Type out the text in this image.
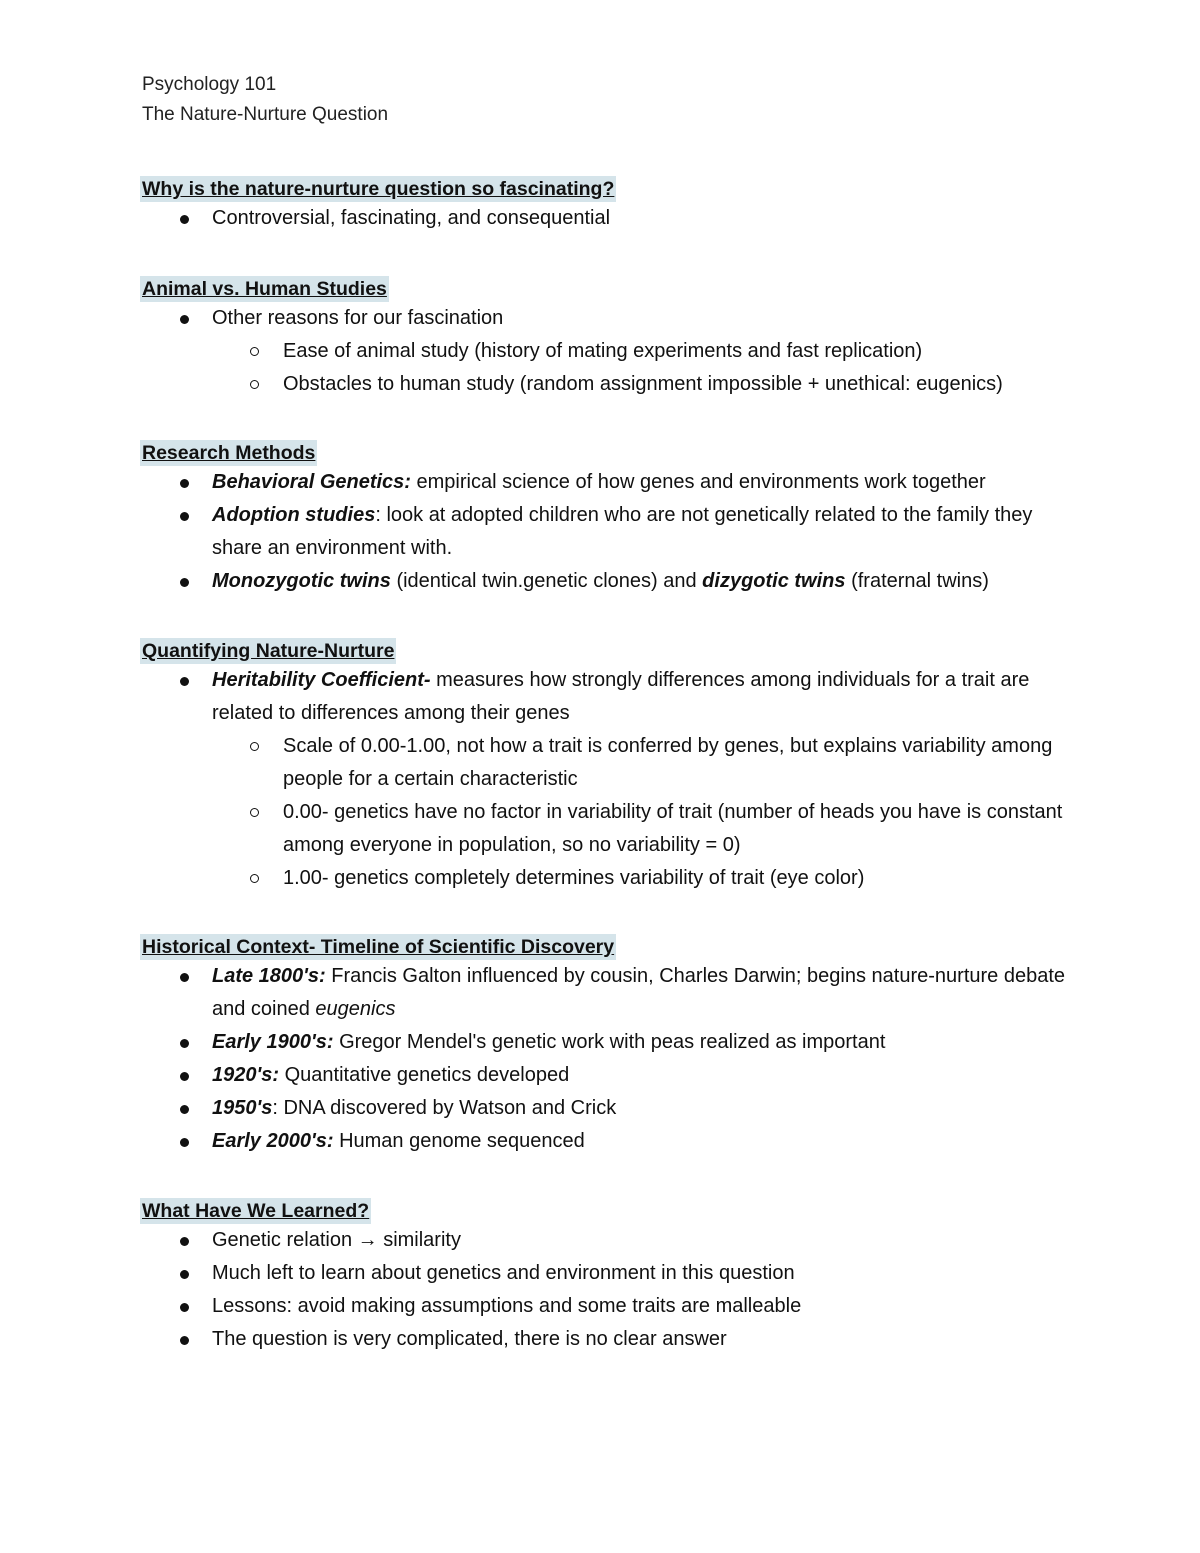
Psychology 101
The Nature-Nurture Question
Why is the nature-nurture question so fascinating?
Controversial, fascinating, and consequential
Animal vs. Human Studies
Other reasons for our fascination
Ease of animal study (history of mating experiments and fast replication)
Obstacles to human study (random assignment impossible + unethical: eugenics)
Research Methods
Behavioral Genetics: empirical science of how genes and environments work together
Adoption studies: look at adopted children who are not genetically related to the family they share an environment with.
Monozygotic twins (identical twin.genetic clones) and dizygotic twins (fraternal twins)
Quantifying Nature-Nurture
Heritability Coefficient- measures how strongly differences among individuals for a trait are related to differences among their genes
Scale of 0.00-1.00, not how a trait is conferred by genes, but explains variability among people for a certain characteristic
0.00- genetics have no factor in variability of trait (number of heads you have is constant among everyone in population, so no variability = 0)
1.00- genetics completely determines variability of trait (eye color)
Historical Context- Timeline of Scientific Discovery
Late 1800's: Francis Galton influenced by cousin, Charles Darwin; begins nature-nurture debate and coined eugenics
Early 1900's: Gregor Mendel's genetic work with peas realized as important
1920's: Quantitative genetics developed
1950's: DNA discovered by Watson and Crick
Early 2000's: Human genome sequenced
What Have We Learned?
Genetic relation → similarity
Much left to learn about genetics and environment in this question
Lessons: avoid making assumptions and some traits are malleable
The question is very complicated, there is no clear answer
